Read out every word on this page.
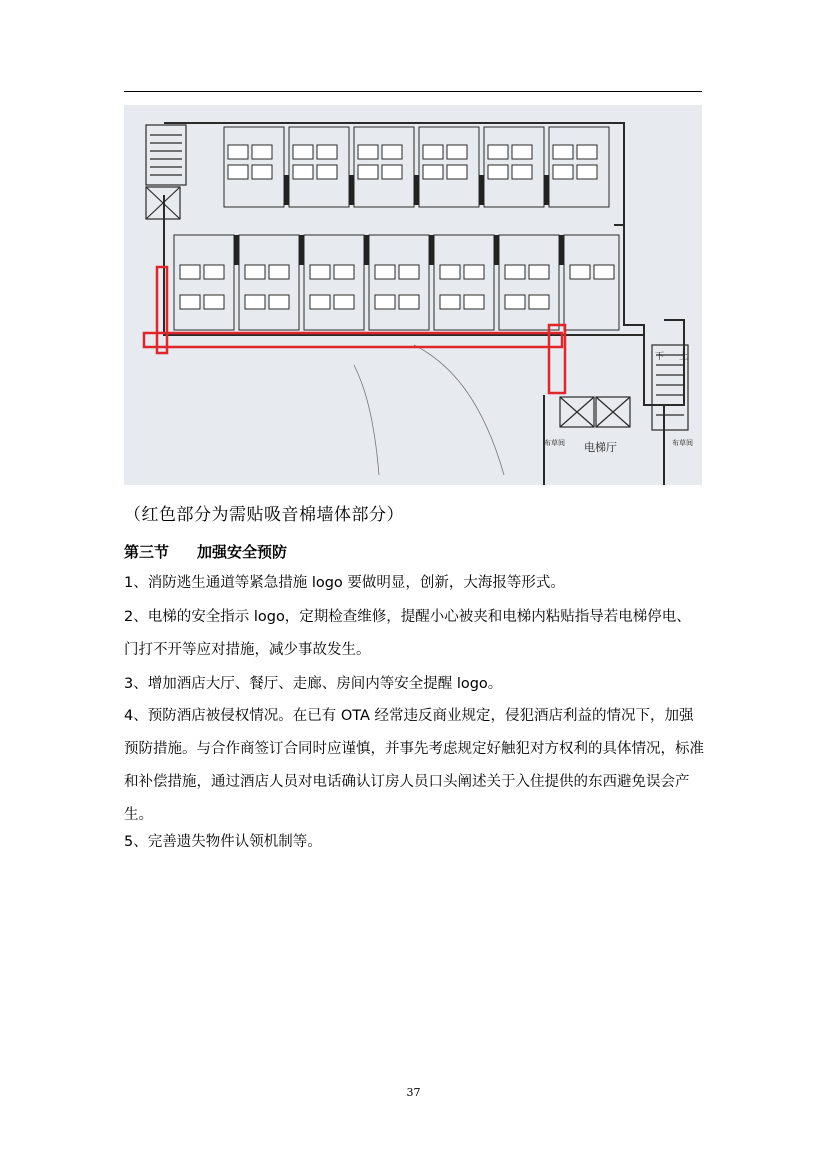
电梯厅
布草间	布草间
上
下
（红色部分为需贴吸音棉墙体部分）
第三节 加强安全预防
1、消防逃生通道等紧急措施 logo 要做明显，创新，大海报等形式。
2、电梯的安全指示 logo，定期检查维修，提醒小心被夹和电梯内粘贴指导若电梯停电、门打不开等应对措施，减少事故发生。
3、增加酒店大厅、餐厅、走廊、房间内等安全提醒 logo。
4、预防酒店被侵权情况。在已有 OTA 经常违反商业规定，侵犯酒店利益的情况下，加强预防措施。与合作商签订合同时应谨慎，并事先考虑规定好触犯对方权利的具体情况，标准和补偿措施，通过酒店人员对电话确认订房人员口头阐述关于入住提供的东西避免误会产生。
5、完善遗失物件认领机制等。
37
